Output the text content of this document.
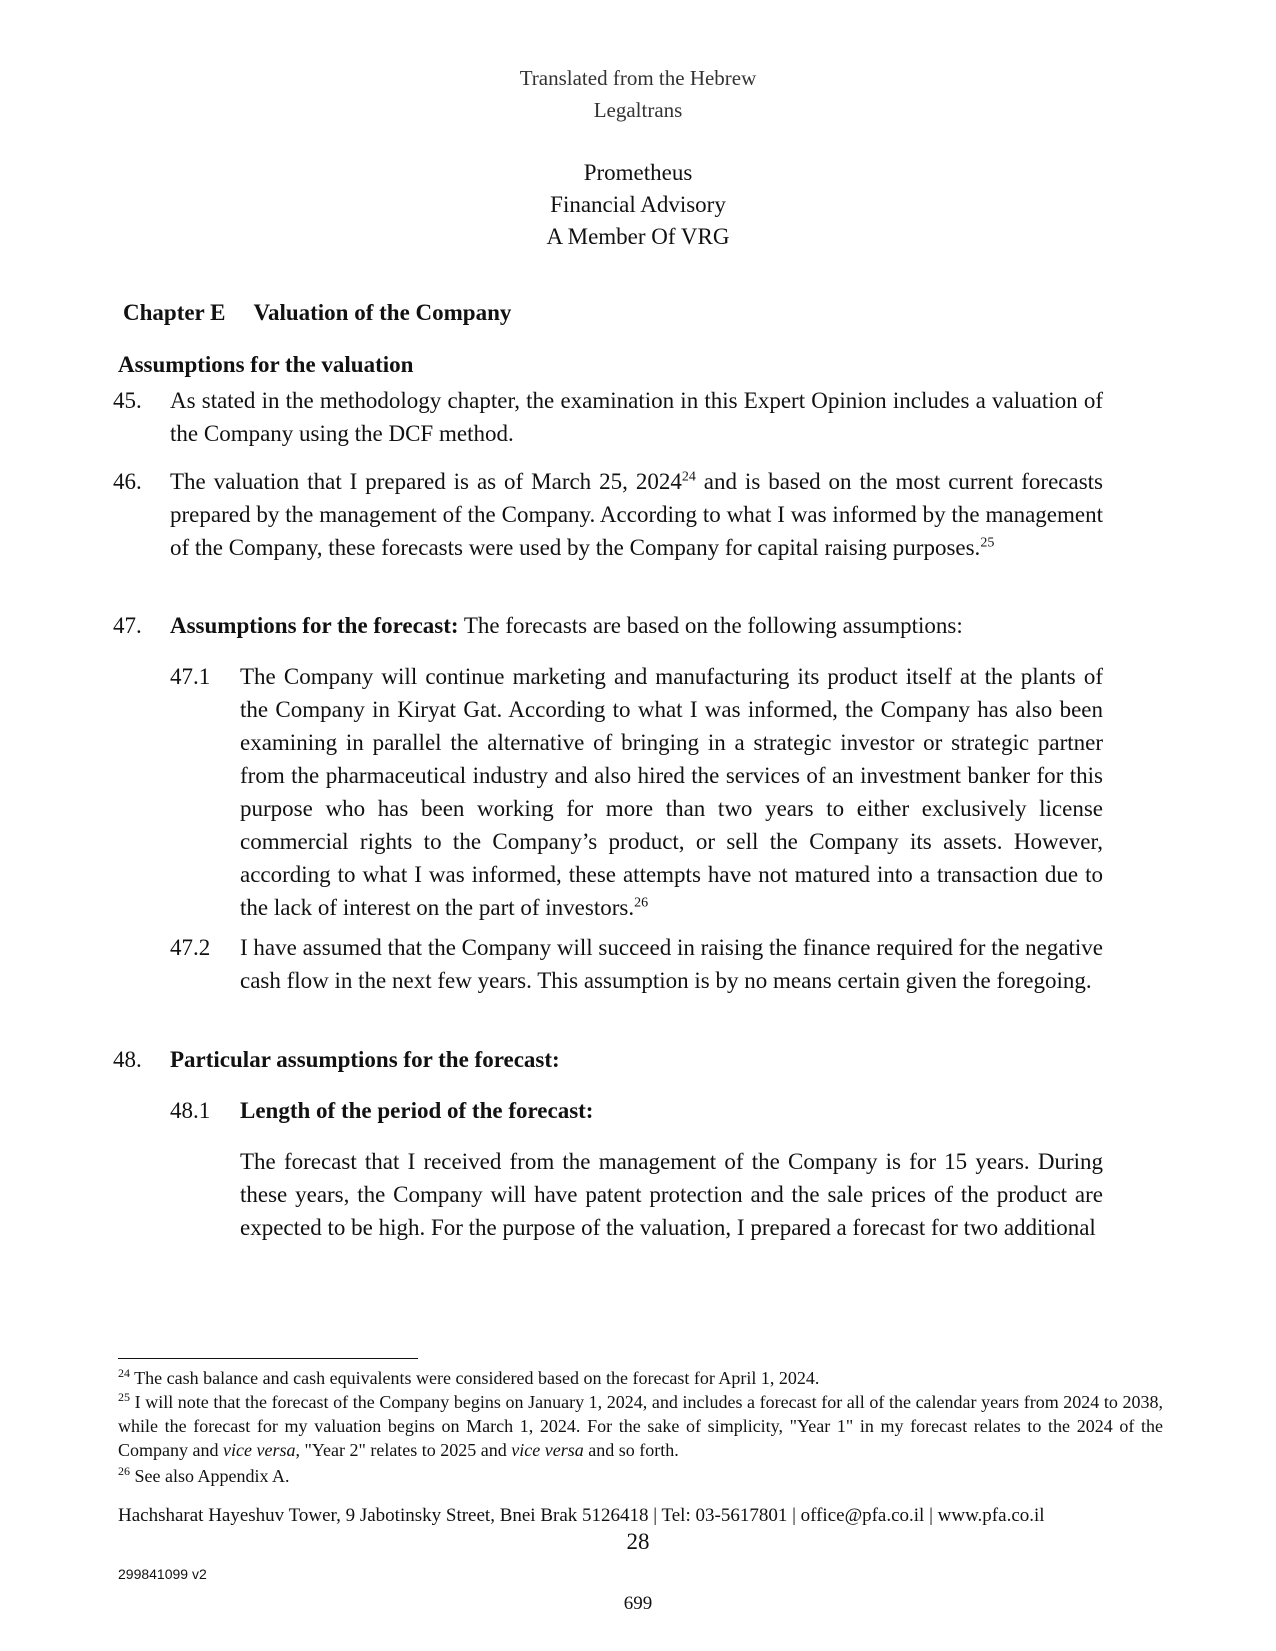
Translated from the Hebrew
Legaltrans
Prometheus
Financial Advisory
A Member Of VRG
Chapter E Valuation of the Company
Assumptions for the valuation
45. As stated in the methodology chapter, the examination in this Expert Opinion includes a valuation of the Company using the DCF method.
46. The valuation that I prepared is as of March 25, 2024$^{24}$ and is based on the most current forecasts prepared by the management of the Company. According to what I was informed by the management of the Company, these forecasts were used by the Company for capital raising purposes.$^{25}$
47. Assumptions for the forecast: The forecasts are based on the following assumptions:
47.1 The Company will continue marketing and manufacturing its product itself at the plants of the Company in Kiryat Gat. According to what I was informed, the Company has also been examining in parallel the alternative of bringing in a strategic investor or strategic partner from the pharmaceutical industry and also hired the services of an investment banker for this purpose who has been working for more than two years to either exclusively license commercial rights to the Company’s product, or sell the Company its assets. However, according to what I was informed, these attempts have not matured into a transaction due to the lack of interest on the part of investors.$^{26}$
47.2 I have assumed that the Company will succeed in raising the finance required for the negative cash flow in the next few years. This assumption is by no means certain given the foregoing.
48. Particular assumptions for the forecast:
48.1 Length of the period of the forecast:
The forecast that I received from the management of the Company is for 15 years. During these years, the Company will have patent protection and the sale prices of the product are expected to be high. For the purpose of the valuation, I prepared a forecast for two additional
$^{24}$ The cash balance and cash equivalents were considered based on the forecast for April 1, 2024.
$^{25}$ I will note that the forecast of the Company begins on January 1, 2024, and includes a forecast for all of the calendar years from 2024 to 2038, while the forecast for my valuation begins on March 1, 2024. For the sake of simplicity, "Year 1" in my forecast relates to the 2024 of the Company and vice versa, "Year 2" relates to 2025 and vice versa and so forth.
$^{26}$ See also Appendix A.
Hachsharat Hayeshuv Tower, 9 Jabotinsky Street, Bnei Brak 5126418 | Tel: 03-5617801 | office@pfa.co.il | www.pfa.co.il
28
299841099 v2
699
